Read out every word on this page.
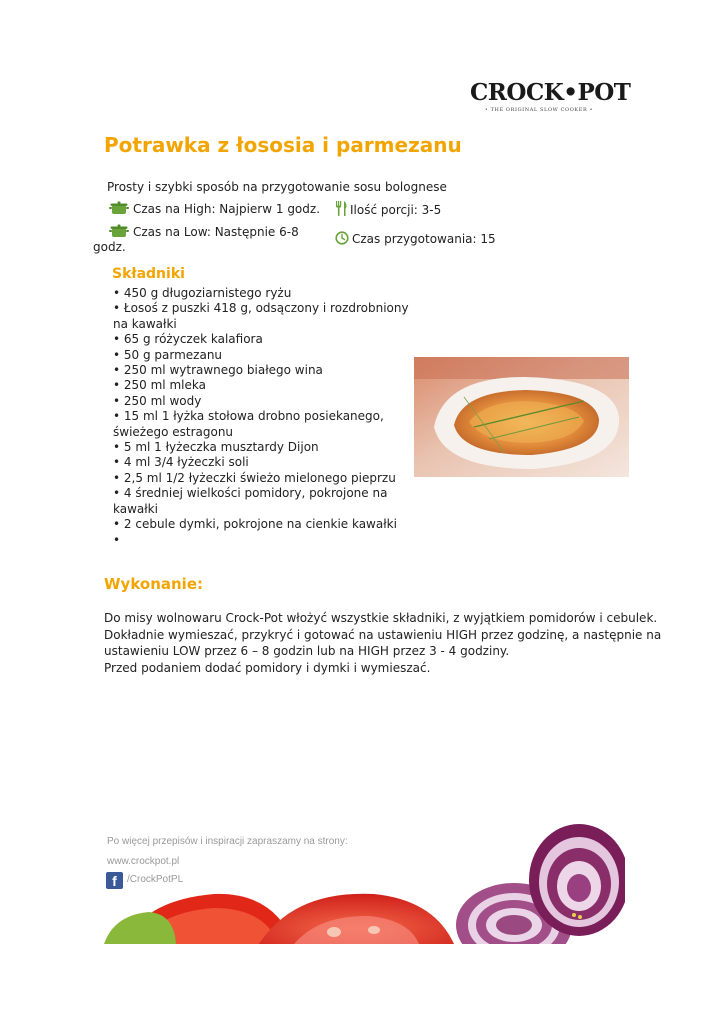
CROCK•POT
• THE ORIGINAL SLOW COOKER •
Potrawka z łososia i parmezanu
Prosty i szybki sposób na przygotowanie sosu bolognese
Czas na High: Najpierw 1 godz.
Czas na Low: Następnie 6-8
godz.
Ilość porcji: 3-5
Czas przygotowania: 15
Składniki
• 450 g długoziarnistego ryżu
• Łosoś z puszki 418 g, odsączony i rozdrobniony na kawałki
• 65 g różyczek kalafiora
• 50 g parmezanu
• 250 ml wytrawnego białego wina
• 250 ml mleka
• 250 ml wody
• 15 ml 1 łyżka stołowa drobno posiekanego, świeżego estragonu
• 5 ml 1 łyżeczka musztardy Dijon
• 4 ml 3/4 łyżeczki soli
• 2,5 ml 1/2 łyżeczki świeżo mielonego pieprzu
• 4 średniej wielkości pomidory, pokrojone na kawałki
• 2 cebule dymki, pokrojone na cienkie kawałki
•
Wykonanie:

Do misy wolnowaru Crock-Pot włożyć wszystkie składniki, z wyjątkiem pomidorów i cebulek. Dokładnie wymieszać, przykryć i gotować na ustawieniu HIGH przez godzinę, a następnie na ustawieniu LOW przez 6 – 8 godzin lub na HIGH przez 3 - 4 godziny.

Przed podaniem dodać pomidory i dymki i wymieszać.

Po więcej przepisów i inspiracji zapraszamy na strony:
www.crockpot.pl
f	/CrockPotPL
